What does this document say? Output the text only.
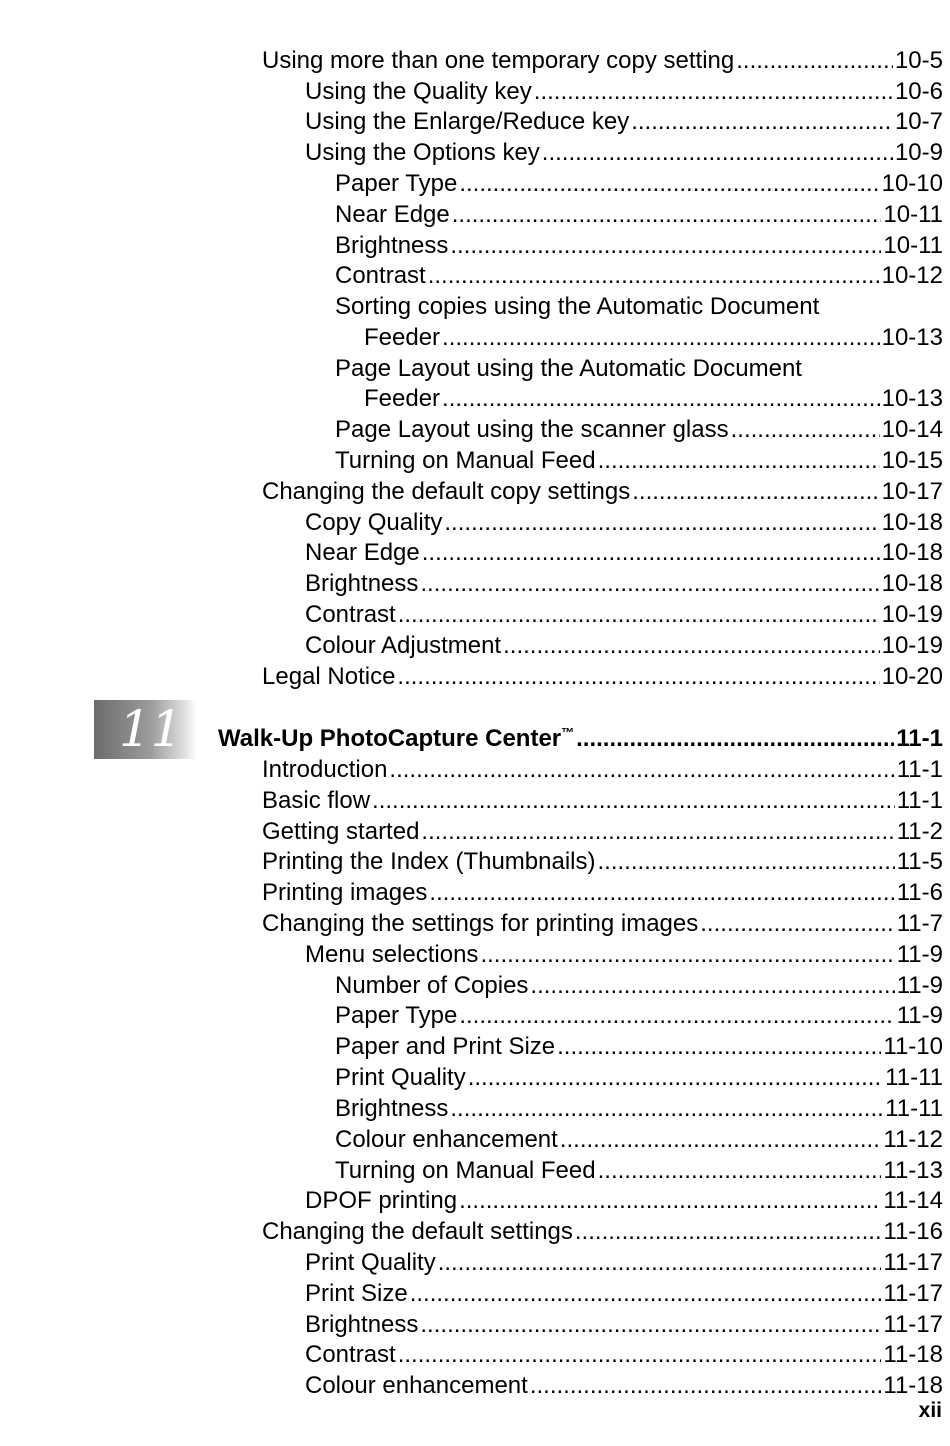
Using more than one temporary copy setting .....	10-5
Using the Quality key .....	10-6
Using the Enlarge/Reduce key .....	10-7
Using the Options key .....	10-9
Paper Type .....	10-10
Near Edge .....	10-11
Brightness .....	10-11
Contrast .....	10-12
Sorting copies using the Automatic Document
Feeder .....	10-13
Page Layout using the Automatic Document
Feeder .....	10-13
Page Layout using the scanner glass .....	10-14
Turning on Manual Feed .....	10-15
Changing the default copy settings .....	10-17
Copy Quality .....	10-18
Near Edge .....	10-18
Brightness .....	10-18
Contrast .....	10-19
Colour Adjustment .....	10-19
Legal Notice .....	10-20
11 Walk-Up PhotoCapture Center™ .....	11-1
Introduction .....	11-1
Basic flow .....	11-1
Getting started .....	11-2
Printing the Index (Thumbnails) .....	11-5
Printing images .....	11-6
Changing the settings for printing images .....	11-7
Menu selections .....	11-9
Number of Copies .....	11-9
Paper Type .....	11-9
Paper and Print Size .....	11-10
Print Quality .....	11-11
Brightness .....	11-11
Colour enhancement .....	11-12
Turning on Manual Feed .....	11-13
DPOF printing .....	11-14
Changing the default settings .....	11-16
Print Quality .....	11-17
Print Size .....	11-17
Brightness .....	11-17
Contrast .....	11-18
Colour enhancement .....	11-18
xii
